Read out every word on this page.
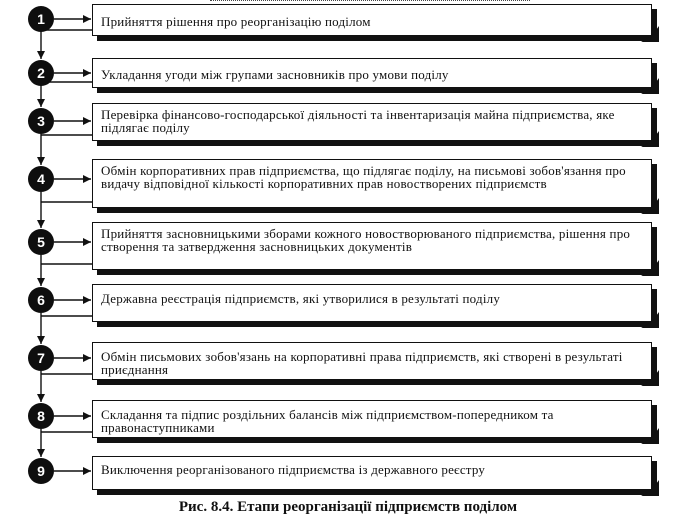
1	Прийняття рішення про реорганізацію поділом
2	Укладання угоди між групами засновників про умови поділу
3	Перевірка фінансово-господарської діяльності та інвентаризація майна підприємства, яке підлягає поділу
4
Обмін корпоративних прав підприємства, що підлягає поділу, на письмові зобов'язання про видачу відповідної кількості корпоративних прав новостворених підприємств
5
Прийняття засновницькими зборами кожного новостворюваного підприємства, рішення про створення та затвердження засновницьких документів
6	Державна реєстрація підприємств, які утворилися в результаті поділу
7	Обмін письмових зобов'язань на корпоративні права підприємств, які створені в результаті приєднання
8	Складання та підпис роздільних балансів між підприємством-попередником та правонаступниками
9	Виключення реорганізованого підприємства із державного реєстру
Рис. 8.4. Етапи реорганізації підприємств поділом
